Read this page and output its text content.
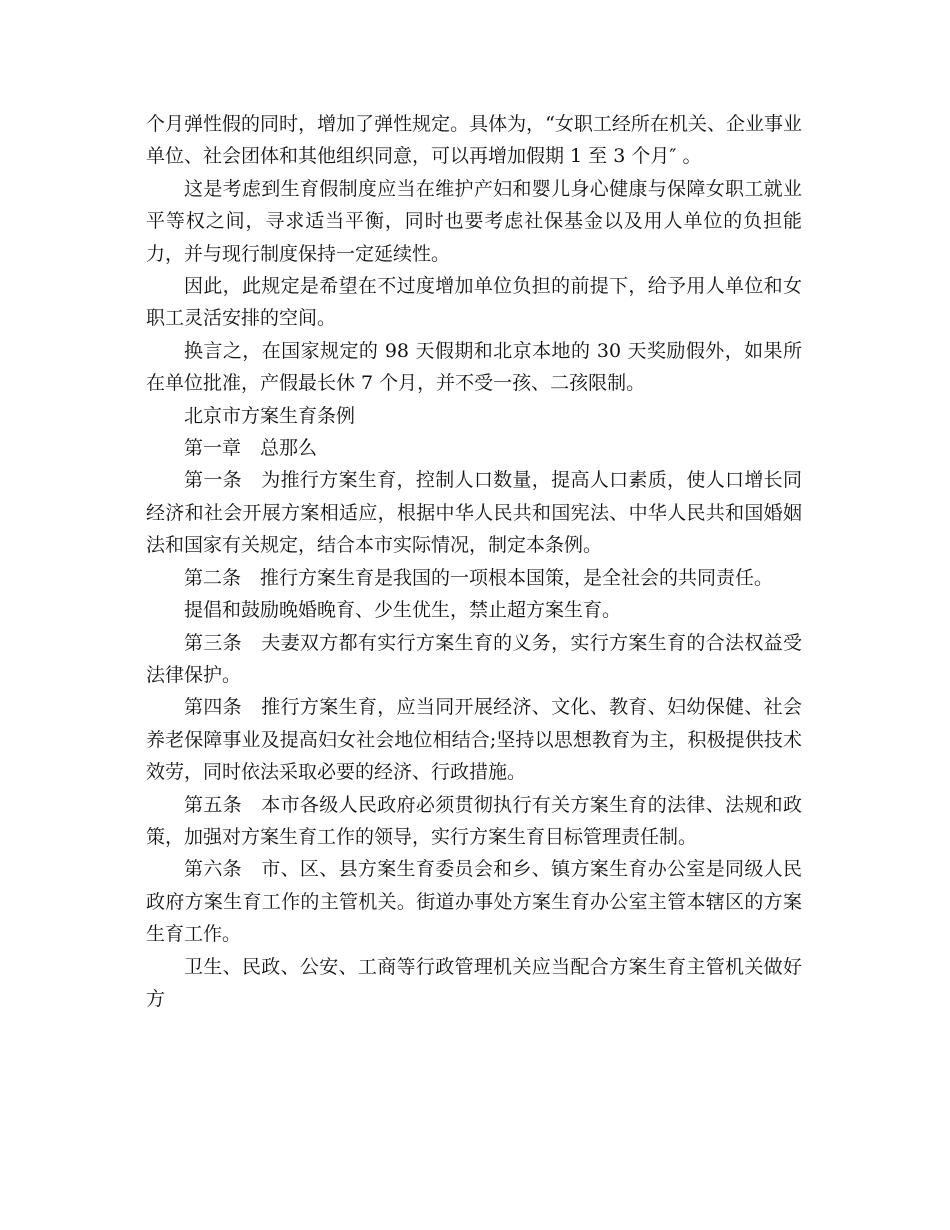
个月弹性假的同时，增加了弹性规定。具体为，“女职工经所在机关、企业事业单位、社会团体和其他组织同意，可以再增加假期 1 至 3 个月″ 。

这是考虑到生育假制度应当在维护产妇和婴儿身心健康与保障女职工就业平等权之间，寻求适当平衡，同时也要考虑社保基金以及用人单位的负担能力，并与现行制度保持一定延续性。

因此，此规定是希望在不过度增加单位负担的前提下，给予用人单位和女职工灵活安排的空间。

换言之，在国家规定的 98 天假期和北京本地的 30 天奖励假外，如果所在单位批准，产假最长休 7 个月，并不受一孩、二孩限制。

北京市方案生育条例

第一章　总那么

第一条　为推行方案生育，控制人口数量，提高人口素质，使人口增长同经济和社会开展方案相适应，根据中华人民共和国宪法、中华人民共和国婚姻法和国家有关规定，结合本市实际情况，制定本条例。

第二条　推行方案生育是我国的一项根本国策，是全社会的共同责任。

提倡和鼓励晚婚晚育、少生优生，禁止超方案生育。

第三条　夫妻双方都有实行方案生育的义务，实行方案生育的合法权益受法律保护。

第四条　推行方案生育，应当同开展经济、文化、教育、妇幼保健、社会养老保障事业及提高妇女社会地位相结合;坚持以思想教育为主，积极提供技术效劳，同时依法采取必要的经济、行政措施。

第五条　本市各级人民政府必须贯彻执行有关方案生育的法律、法规和政策，加强对方案生育工作的领导，实行方案生育目标管理责任制。

第六条　市、区、县方案生育委员会和乡、镇方案生育办公室是同级人民政府方案生育工作的主管机关。街道办事处方案生育办公室主管本辖区的方案生育工作。

卫生、民政、公安、工商等行政管理机关应当配合方案生育主管机关做好方
